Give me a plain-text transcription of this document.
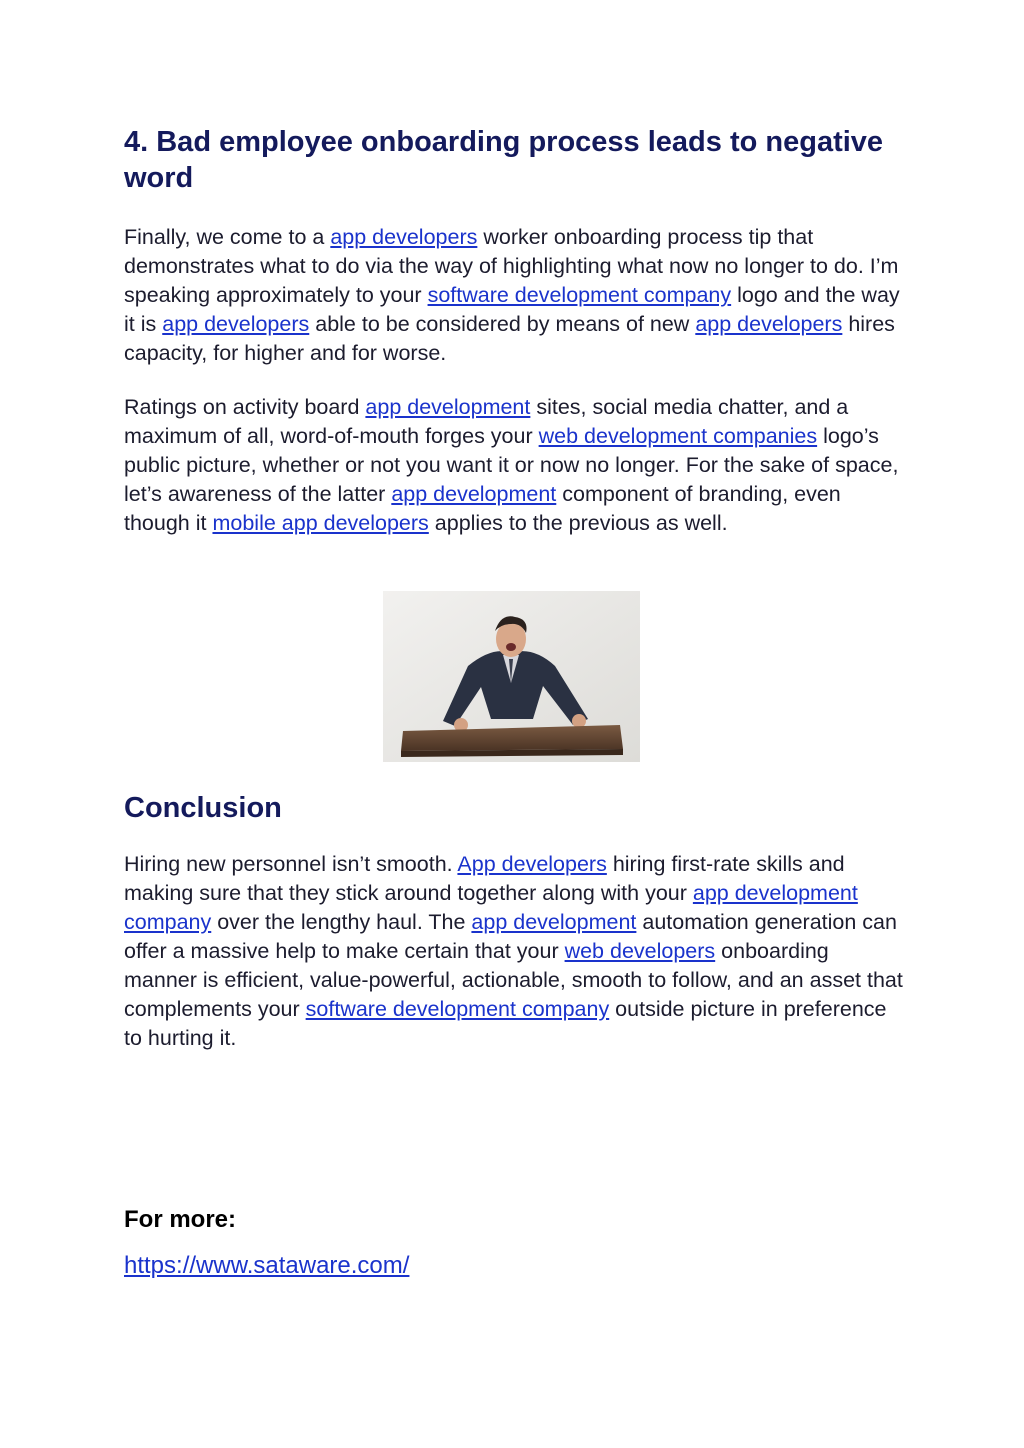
4. Bad employee onboarding process leads to negative word

Finally, we come to a app developers worker onboarding process tip that demonstrates what to do via the way of highlighting what now no longer to do. I’m speaking approximately to your software development company logo and the way it is app developers able to be considered by means of new app developers hires capacity, for higher and for worse.

Ratings on activity board app development sites, social media chatter, and a maximum of all, word-of-mouth forges your web development companies logo’s public picture, whether or not you want it or now no longer. For the sake of space, let’s awareness of the latter app development component of branding, even though it mobile app developers applies to the previous as well.

Conclusion

Hiring new personnel isn’t smooth. App developers hiring first-rate skills and making sure that they stick around together along with your app development company over the lengthy haul. The app development automation generation can offer a massive help to make certain that your web developers onboarding manner is efficient, value-powerful, actionable, smooth to follow, and an asset that complements your software development company outside picture in preference to hurting it.

For more:
https://www.sataware.com/
